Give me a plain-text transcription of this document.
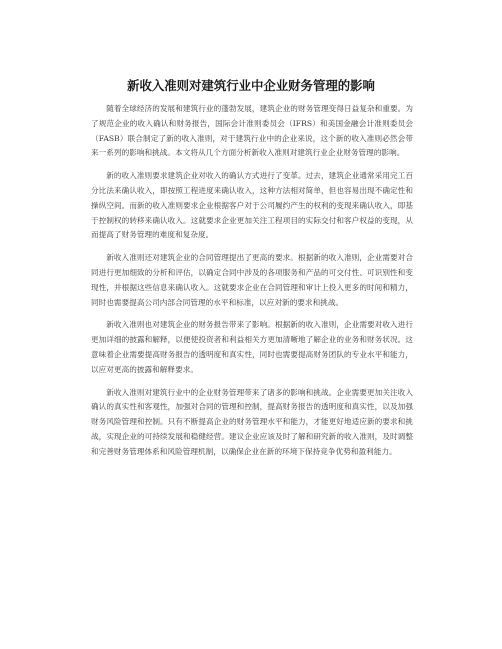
新收入准则对建筑行业中企业财务管理的影响

随着全球经济的发展和建筑行业的蓬勃发展，建筑企业的财务管理变得日益复杂和重要。为了规范企业的收入确认和财务报告，国际会计准则委员会（IFRS）和美国金融会计准则委员会（FASB）联合制定了新的收入准则，对于建筑行业中的企业来说，这个新的收入准则必然会带来一系列的影响和挑战。本文将从几个方面分析新收入准则对建筑行业企业财务管理的影响。

新的收入准则要求建筑企业对收入的确认方式进行了变革。过去，建筑企业通常采用完工百分比法来确认收入，即按照工程进度来确认收入，这种方法相对简单，但也容易出现不确定性和操纵空间。而新的收入准则要求企业根据客户对于公司履约产生的权利的变现来确认收入，即基于控制权的转移来确认收入。这就要求企业更加关注工程项目的实际交付和客户权益的变现，从而提高了财务管理的难度和复杂度。

新收入准则还对建筑企业的合同管理提出了更高的要求。根据新的收入准则，企业需要对合同进行更加细致的分析和评估，以确定合同中涉及的各项服务和产品的可交付性、可识别性和变现性，并根据这些信息来确认收入。这就要求企业在合同管理和审计上投入更多的时间和精力，同时也需要提高公司内部合同管理的水平和标准，以应对新的要求和挑战。

新收入准则也对建筑企业的财务报告带来了影响。根据新的收入准则，企业需要对收入进行更加详细的披露和解释，以便使投资者和利益相关方更加清晰地了解企业的业务和财务状况。这意味着企业需要提高财务报告的透明度和真实性，同时也需要提高财务团队的专业水平和能力，以应对更高的披露和解释要求。

新收入准则对建筑行业中的企业财务管理带来了诸多的影响和挑战。企业需要更加关注收入确认的真实性和客观性，加强对合同的管理和控制，提高财务报告的透明度和真实性，以及加强财务风险管理和控制。只有不断提高企业的财务管理水平和能力，才能更好地适应新的要求和挑战，实现企业的可持续发展和稳健经营。建议企业应该及时了解和研究新的收入准则，及时调整和完善财务管理体系和风险管理机制，以确保企业在新的环境下保持竞争优势和盈利能力。
